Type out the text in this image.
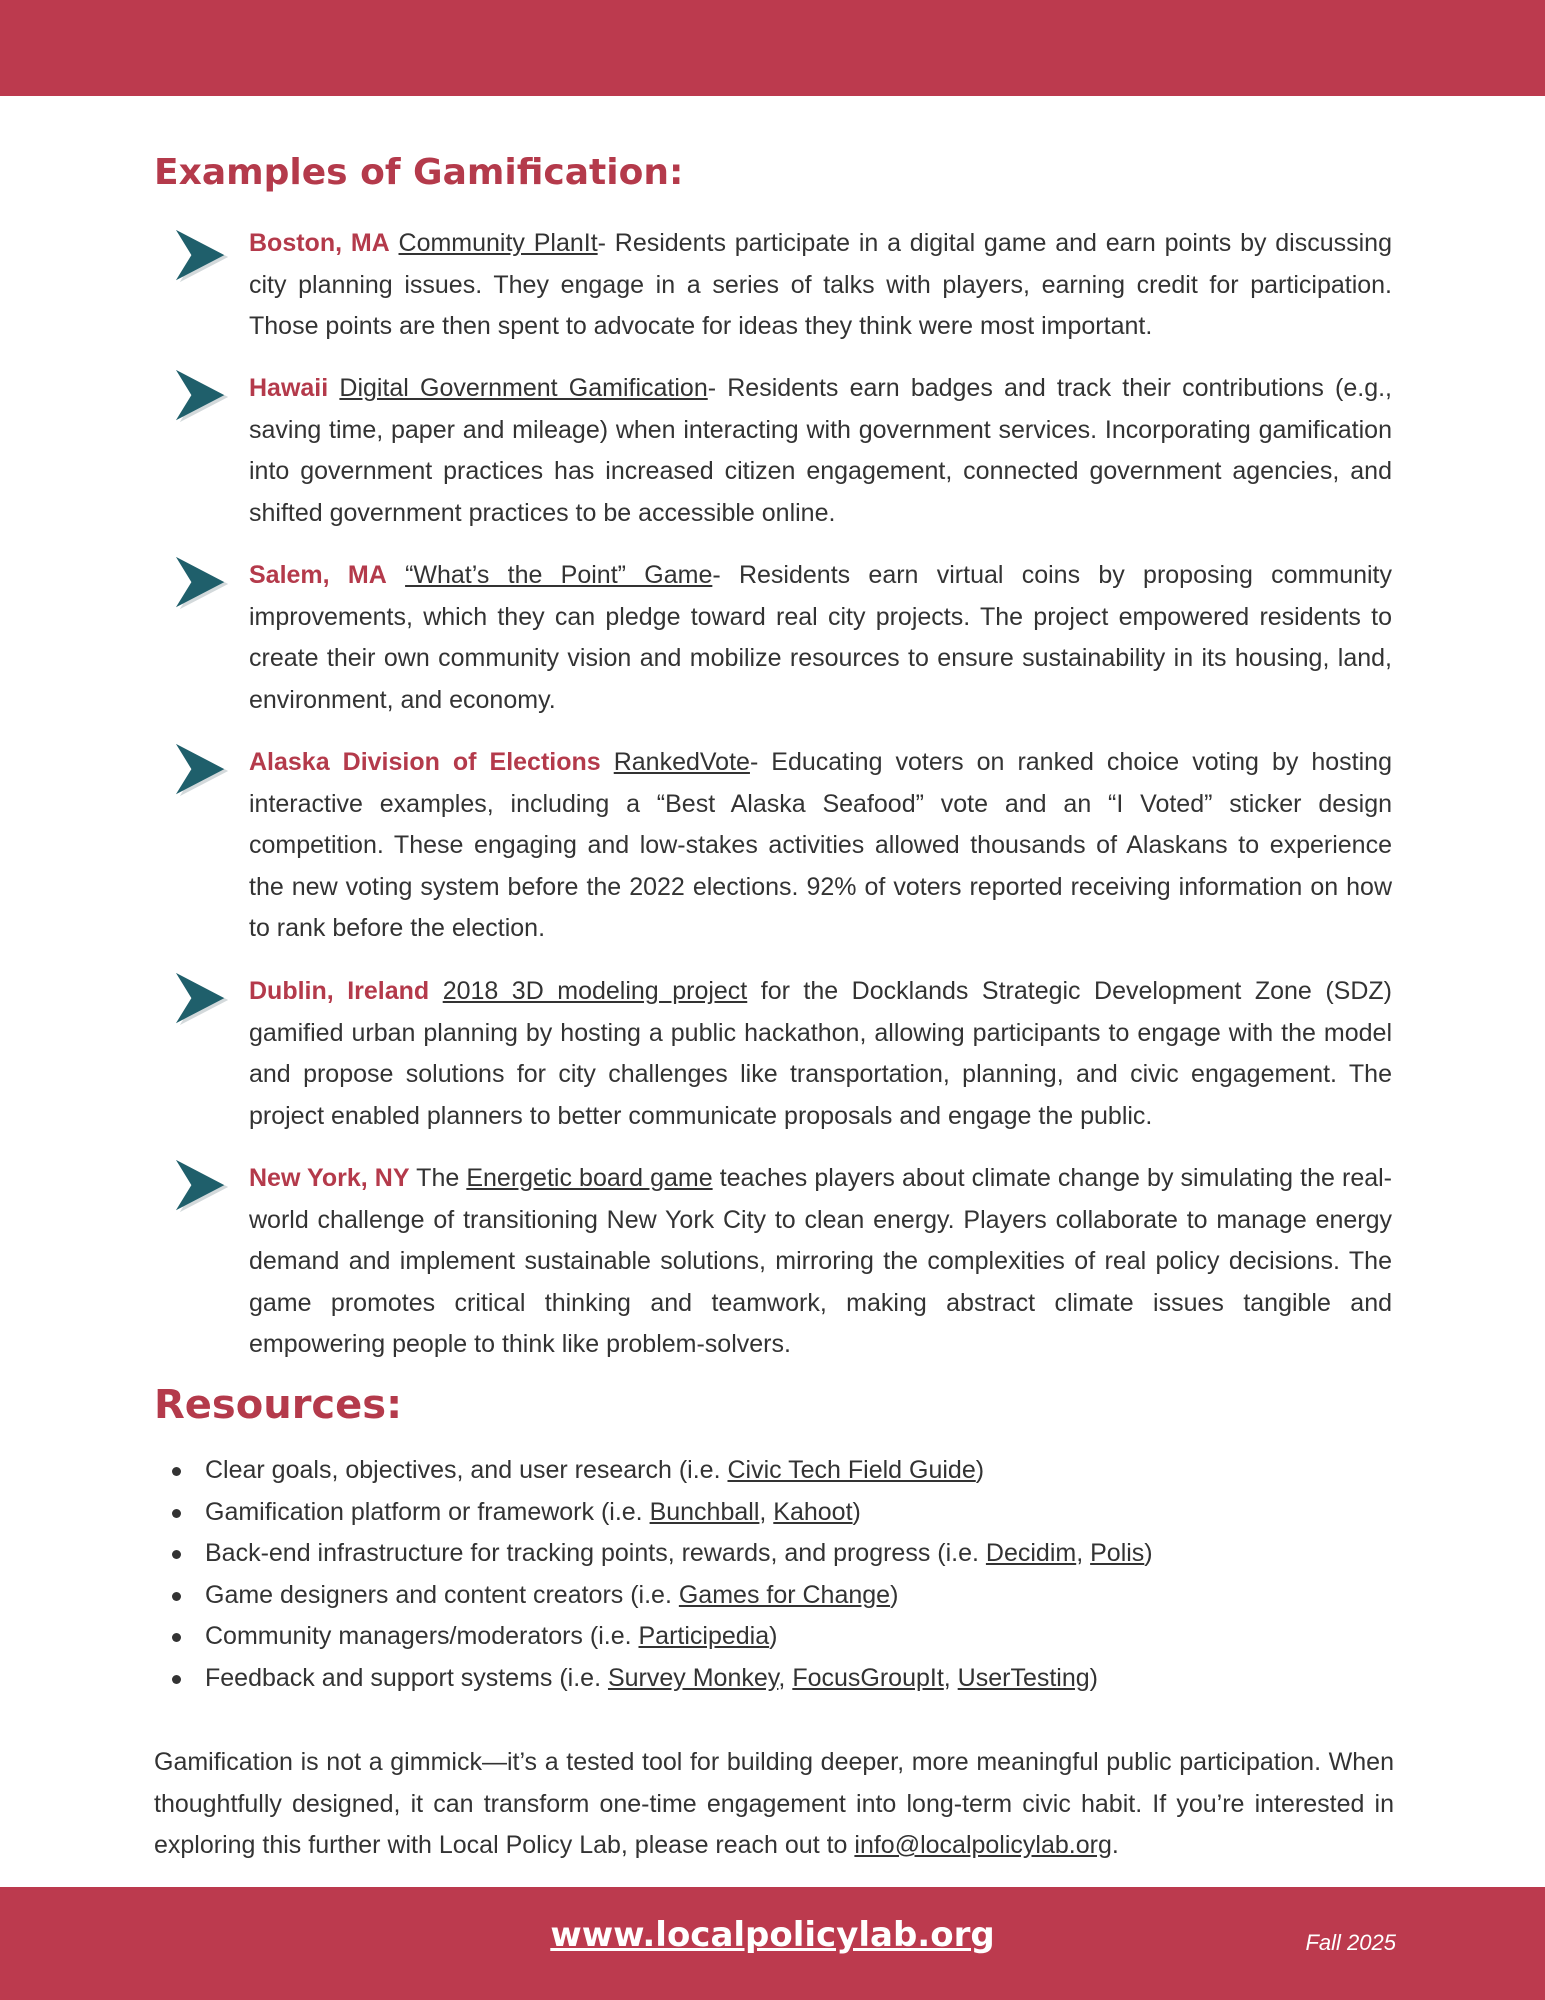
Examples of Gamification:

Boston, MA Community PlanIt- Residents participate in a digital game and earn points by discussing city planning issues. They engage in a series of talks with players, earning credit for participation. Those points are then spent to advocate for ideas they think were most important.

Hawaii Digital Government Gamification- Residents earn badges and track their contributions (e.g., saving time, paper and mileage) when interacting with government services. Incorporating gamification into government practices has increased citizen engagement, connected government agencies, and shifted government practices to be accessible online.

Salem, MA “What’s the Point” Game- Residents earn virtual coins by proposing community improvements, which they can pledge toward real city projects. The project empowered residents to create their own community vision and mobilize resources to ensure sustainability in its housing, land, environment, and economy.

Alaska Division of Elections RankedVote- Educating voters on ranked choice voting by hosting interactive examples, including a “Best Alaska Seafood” vote and an “I Voted” sticker design competition. These engaging and low-stakes activities allowed thousands of Alaskans to experience the new voting system before the 2022 elections. 92% of voters reported receiving information on how to rank before the election.

Dublin, Ireland 2018 3D modeling project for the Docklands Strategic Development Zone (SDZ) gamified urban planning by hosting a public hackathon, allowing participants to engage with the model and propose solutions for city challenges like transportation, planning, and civic engagement. The project enabled planners to better communicate proposals and engage the public.

New York, NY The Energetic board game teaches players about climate change by simulating the real-world challenge of transitioning New York City to clean energy. Players collaborate to manage energy demand and implement sustainable solutions, mirroring the complexities of real policy decisions. The game promotes critical thinking and teamwork, making abstract climate issues tangible and empowering people to think like problem-solvers.

Resources:
Clear goals, objectives, and user research (i.e. Civic Tech Field Guide)
Gamification platform or framework (i.e. Bunchball, Kahoot)
Back-end infrastructure for tracking points, rewards, and progress (i.e. Decidim, Polis)
Game designers and content creators (i.e. Games for Change)
Community managers/moderators (i.e. Participedia)
Feedback and support systems (i.e. Survey Monkey, FocusGroupIt, UserTesting)

Gamification is not a gimmick—it’s a tested tool for building deeper, more meaningful public participation. When thoughtfully designed, it can transform one-time engagement into long-term civic habit. If you’re interested in exploring this further with Local Policy Lab, please reach out to info@localpolicylab.org.

www.localpolicylab.org	Fall 2025
